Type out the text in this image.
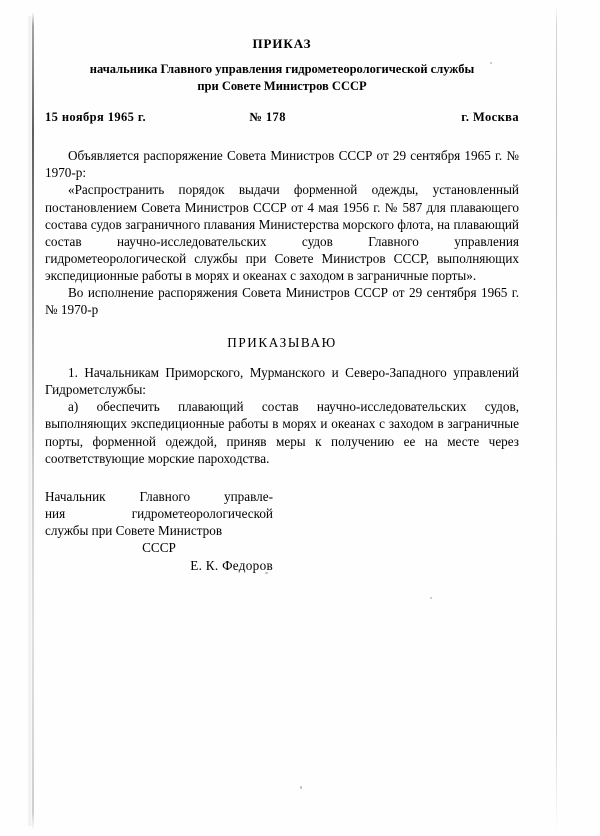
ПРИКАЗ
начальника Главного управления гидрометеорологической службы
при Совете Министров СССР
15 ноября 1965 г.	№ 178	г. Москва

Объявляется распоряжение Совета Министров СССР от 29 сентября 1965 г. № 1970-р:

«Распространить порядок выдачи форменной одежды, установленный постановлением Совета Министров СССР от 4 мая 1956 г. № 587 для плавающего состава судов заграничного плавания Министерства морского флота, на плавающий состав научно-исследовательских судов Главного управления гидрометеорологической службы при Совете Министров СССР, выполняющих экспедиционные работы в морях и океанах с заходом в заграничные порты».

Во исполнение распоряжения Совета Министров СССР от 29 сентября 1965 г. № 1970-р

ПРИКАЗЫВАЮ

1. Начальникам Приморского, Мурманского и Северо-Западного управлений Гидрометслужбы:

а) обеспечить плавающий состав научно-исследовательских судов, выполняющих экспедиционные работы в морях и океанах с заходом в заграничные порты, форменной одеждой, приняв меры к получению ее на месте через соответствующие морские пароходства.

Начальник Главного управле-
ния гидрометеорологической
службы при Совете Министров
СССР
Е. К. Федоров
